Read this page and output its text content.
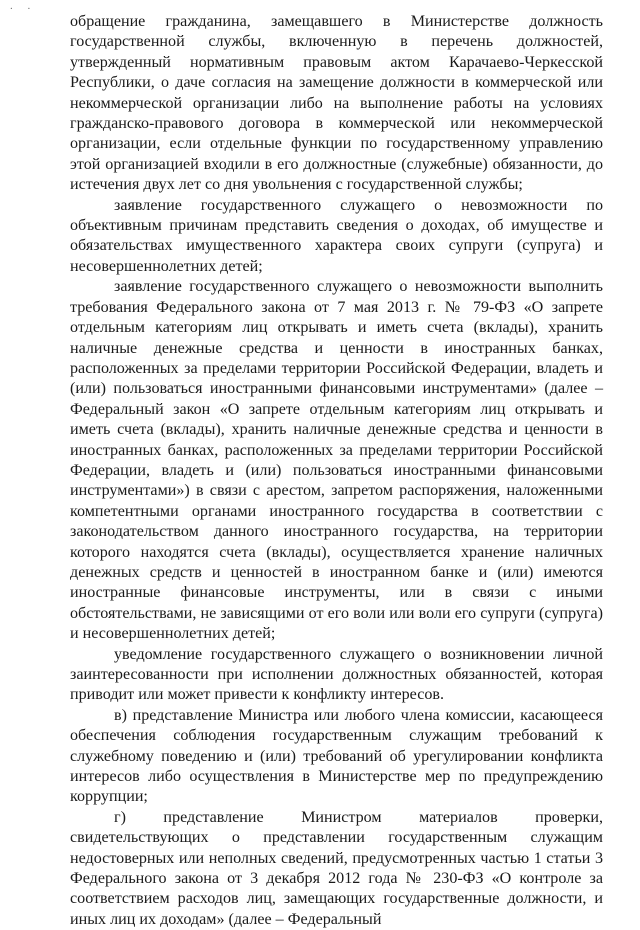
. .

обращение гражданина, замещавшего в Министерстве должность государственной службы, включенную в перечень должностей, утвержденный нормативным правовым актом Карачаево-Черкесской Республики, о даче согласия на замещение должности в коммерческой или некоммерческой организации либо на выполнение работы на условиях гражданско-правового договора в коммерческой или некоммерческой организации, если отдельные функции по государственному управлению этой организацией входили в его должностные (служебные) обязанности, до истечения двух лет со дня увольнения с государственной службы;

заявление государственного служащего о невозможности по объективным причинам представить сведения о доходах, об имуществе и обязательствах имущественного характера своих супруги (супруга) и несовершеннолетних детей;

заявление государственного служащего о невозможности выполнить требования Федерального закона от 7 мая 2013 г. № 79-ФЗ «О запрете отдельным категориям лиц открывать и иметь счета (вклады), хранить наличные денежные средства и ценности в иностранных банках, расположенных за пределами территории Российской Федерации, владеть и (или) пользоваться иностранными финансовыми инструментами» (далее – Федеральный закон «О запрете отдельным категориям лиц открывать и иметь счета (вклады), хранить наличные денежные средства и ценности в иностранных банках, расположенных за пределами территории Российской Федерации, владеть и (или) пользоваться иностранными финансовыми инструментами») в связи с арестом, запретом распоряжения, наложенными компетентными органами иностранного государства в соответствии с законодательством данного иностранного государства, на территории которого находятся счета (вклады), осуществляется хранение наличных денежных средств и ценностей в иностранном банке и (или) имеются иностранные финансовые инструменты, или в связи с иными обстоятельствами, не зависящими от его воли или воли его супруги (супруга) и несовершеннолетних детей;

уведомление государственного служащего о возникновении личной заинтересованности при исполнении должностных обязанностей, которая приводит или может привести к конфликту интересов.

в) представление Министра или любого члена комиссии, касающееся обеспечения соблюдения государственным служащим требований к служебному поведению и (или) требований об урегулировании конфликта интересов либо осуществления в Министерстве мер по предупреждению коррупции;

г) представление Министром материалов проверки, свидетельствующих о представлении государственным служащим недостоверных или неполных сведений, предусмотренных частью 1 статьи 3 Федерального закона от 3 декабря 2012 года № 230-ФЗ «О контроле за соответствием расходов лиц, замещающих государственные должности, и иных лиц их доходам» (далее – Федеральный
